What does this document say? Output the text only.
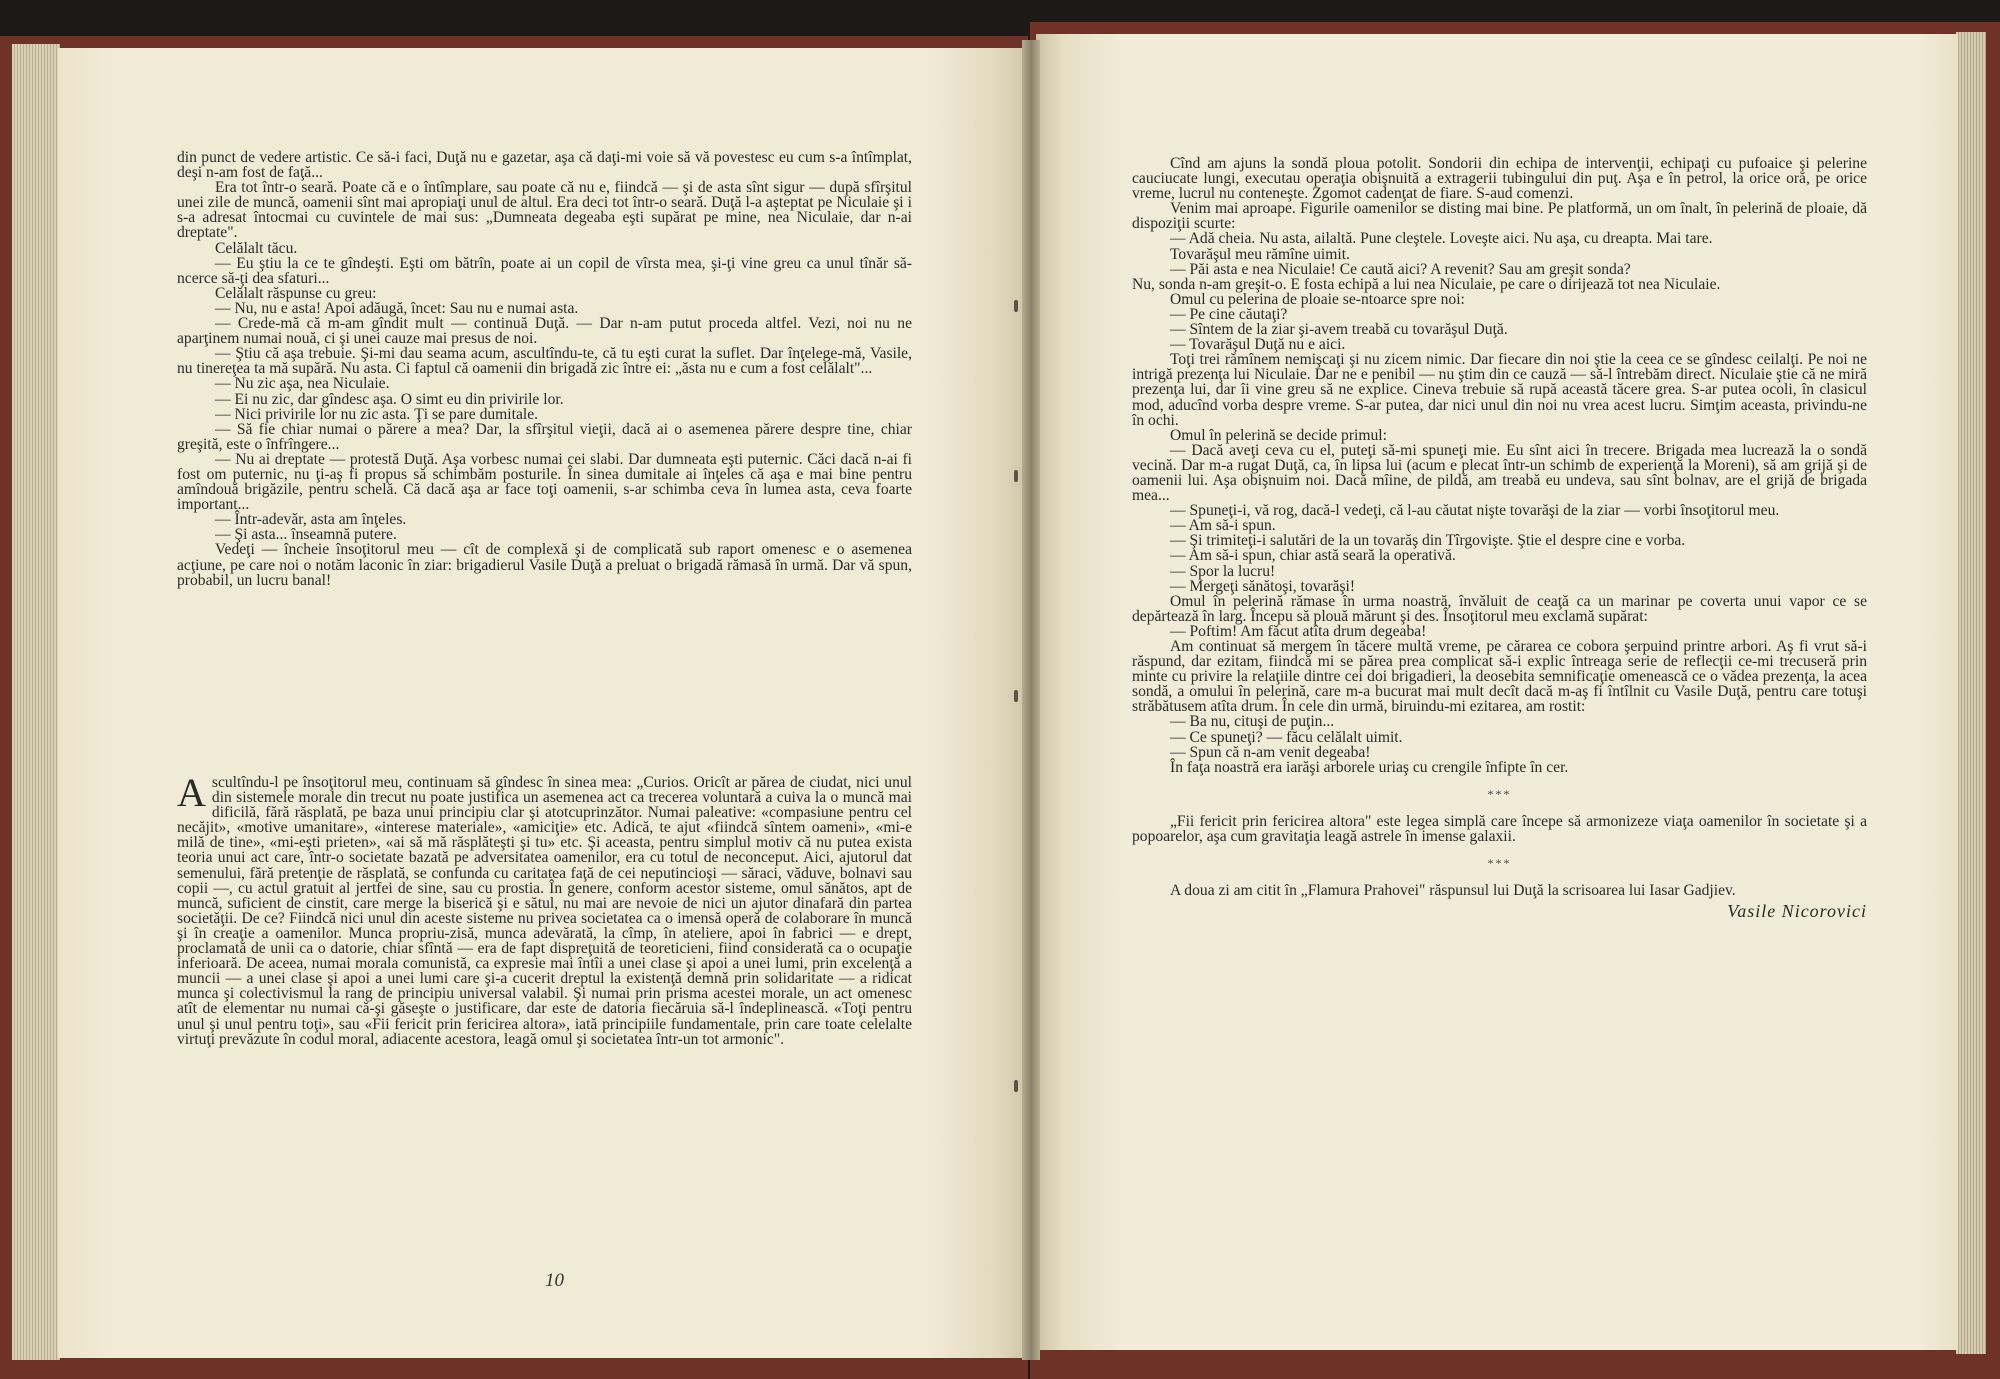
din punct de vedere artistic. Ce să-i faci, Duţă nu e gazetar, aşa că daţi-mi voie să vă povestesc eu cum s-a întîmplat, deşi n-am fost de faţă...

Era tot într-o seară. Poate că e o întîmplare, sau poate că nu e, fiindcă — şi de asta sînt sigur — după sfîrşitul unei zile de muncă, oamenii sînt mai apropiaţi unul de altul. Era deci tot într-o seară. Duţă l-a aşteptat pe Niculaie şi i s-a adresat întocmai cu cuvintele de mai sus: „Dumneata degeaba eşti supărat pe mine, nea Niculaie, dar n-ai dreptate".

Celălalt tăcu.

— Eu ştiu la ce te gîndeşti. Eşti om bătrîn, poate ai un copil de vîrsta mea, şi-ţi vine greu ca unul tînăr să-ncerce să-ţi dea sfaturi...

Celălalt răspunse cu greu:

— Nu, nu e asta! Apoi adăugă, încet: Sau nu e numai asta.

— Crede-mă că m-am gîndit mult — continuă Duţă. — Dar n-am putut proceda altfel. Vezi, noi nu ne aparţinem numai nouă, ci şi unei cauze mai presus de noi.

— Ştiu că aşa trebuie. Şi-mi dau seama acum, ascultîndu-te, că tu eşti curat la suflet. Dar înţelege-mă, Vasile, nu tinereţea ta mă supără. Nu asta. Ci faptul că oamenii din brigadă zic între ei: „ăsta nu e cum a fost celălalt"...

— Nu zic aşa, nea Niculaie.

— Ei nu zic, dar gîndesc aşa. O simt eu din privirile lor.

— Nici privirile lor nu zic asta. Ţi se pare dumitale.

— Să fie chiar numai o părere a mea? Dar, la sfîrşitul vieţii, dacă ai o asemenea părere despre tine, chiar greşită, este o înfrîngere...

— Nu ai dreptate — protestă Duţă. Aşa vorbesc numai cei slabi. Dar dumneata eşti puternic. Căci dacă n-ai fi fost om puternic, nu ţi-aş fi propus să schimbăm posturile. În sinea dumitale ai înţeles că aşa e mai bine pentru amîndouă brigăzile, pentru schelă. Că dacă aşa ar face toţi oamenii, s-ar schimba ceva în lumea asta, ceva foarte important...

— Într-adevăr, asta am înţeles.

— Şi asta... înseamnă putere.

Vedeţi — încheie însoţitorul meu — cît de complexă şi de complicată sub raport omenesc e o asemenea acţiune, pe care noi o notăm laconic în ziar: brigadierul Vasile Duţă a preluat o brigadă rămasă în urmă. Dar vă spun, probabil, un lucru banal!

Ascultîndu-l pe însoţitorul meu, continuam să gîndesc în sinea mea: „Curios. Oricît ar părea de ciudat, nici unul din sistemele morale din trecut nu poate justifica un asemenea act ca trecerea voluntară a cuiva la o muncă mai dificilă, fără răsplată, pe baza unui principiu clar şi atotcuprinzător. Numai paleative: «compasiune pentru cel necăjit», «motive umanitare», «interese materiale», «amiciţie» etc. Adică, te ajut «fiindcă sîntem oameni», «mi-e milă de tine», «mi-eşti prieten», «ai să mă răsplăteşti şi tu» etc. Şi aceasta, pentru simplul motiv că nu putea exista teoria unui act care, într-o societate bazată pe adversitatea oamenilor, era cu totul de neconceput. Aici, ajutorul dat semenului, fără pretenţie de răsplată, se confunda cu caritatea faţă de cei neputincioşi — săraci, văduve, bolnavi sau copii —, cu actul gratuit al jertfei de sine, sau cu prostia. În genere, conform acestor sisteme, omul sănătos, apt de muncă, suficient de cinstit, care merge la biserică şi e sătul, nu mai are nevoie de nici un ajutor dinafară din partea societăţii. De ce? Fiindcă nici unul din aceste sisteme nu privea societatea ca o imensă operă de colaborare în muncă şi în creaţie a oamenilor. Munca propriu-zisă, munca adevărată, la cîmp, în ateliere, apoi în fabrici — e drept, proclamată de unii ca o datorie, chiar sfîntă — era de fapt dispreţuită de teoreticieni, fiind considerată ca o ocupaţie inferioară. De aceea, numai morala comunistă, ca expresie mai întîi a unei clase şi apoi a unei lumi, prin excelenţă a muncii — a unei clase şi apoi a unei lumi care şi-a cucerit dreptul la existenţă demnă prin solidaritate — a ridicat munca şi colectivismul la rang de principiu universal valabil. Şi numai prin prisma acestei morale, un act omenesc atît de elementar nu numai că-şi găseşte o justificare, dar este de datoria fiecăruia să-l îndeplinească. «Toţi pentru unul şi unul pentru toţi», sau «Fii fericit prin fericirea altora», iată principiile fundamentale, prin care toate celelalte virtuţi prevăzute în codul moral, adiacente acestora, leagă omul şi societatea într-un tot armonic".
10

Cînd am ajuns la sondă ploua potolit. Sondorii din echipa de intervenţii, echipaţi cu pufoaice şi pelerine cauciucate lungi, executau operaţia obişnuită a extragerii tubingului din puţ. Aşa e în petrol, la orice oră, pe orice vreme, lucrul nu conteneşte. Zgomot cadenţat de fiare. S-aud comenzi.

Venim mai aproape. Figurile oamenilor se disting mai bine. Pe platformă, un om înalt, în pelerină de ploaie, dă dispoziţii scurte:

— Adă cheia. Nu asta, ailaltă. Pune cleştele. Loveşte aici. Nu aşa, cu dreapta. Mai tare.

Tovarăşul meu rămîne uimit.

— Păi asta e nea Niculaie! Ce caută aici? A revenit? Sau am greşit sonda?

Nu, sonda n-am greşit-o. E fosta echipă a lui nea Niculaie, pe care o dirijează tot nea Niculaie.

Omul cu pelerina de ploaie se-ntoarce spre noi:

— Pe cine căutaţi?

— Sîntem de la ziar şi-avem treabă cu tovarăşul Duţă.

— Tovarăşul Duţă nu e aici.

Toţi trei rămînem nemişcaţi şi nu zicem nimic. Dar fiecare din noi ştie la ceea ce se gîndesc ceilalţi. Pe noi ne intrigă prezenţa lui Niculaie. Dar ne e penibil — nu ştim din ce cauză — să-l întrebăm direct. Niculaie ştie că ne miră prezenţa lui, dar îi vine greu să ne explice. Cineva trebuie să rupă această tăcere grea. S-ar putea ocoli, în clasicul mod, aducînd vorba despre vreme. S-ar putea, dar nici unul din noi nu vrea acest lucru. Simţim aceasta, privindu-ne în ochi.

Omul în pelerină se decide primul:

— Dacă aveţi ceva cu el, puteţi să-mi spuneţi mie. Eu sînt aici în trecere. Brigada mea lucrează la o sondă vecină. Dar m-a rugat Duţă, ca, în lipsa lui (acum e plecat într-un schimb de experienţă la Moreni), să am grijă şi de oamenii lui. Aşa obişnuim noi. Dacă mîine, de pildă, am treabă eu undeva, sau sînt bolnav, are el grijă de brigada mea...

— Spuneţi-i, vă rog, dacă-l vedeţi, că l-au căutat nişte tovarăşi de la ziar — vorbi însoţitorul meu.

— Am să-i spun.

— Şi trimiteţi-i salutări de la un tovarăş din Tîrgovişte. Ştie el despre cine e vorba.

— Am să-i spun, chiar astă seară la operativă.

— Spor la lucru!

— Mergeţi sănătoşi, tovarăşi!

Omul în pelerină rămase în urma noastră, învăluit de ceaţă ca un marinar pe coverta unui vapor ce se depărtează în larg. Începu să plouă mărunt şi des. Însoţitorul meu exclamă supărat:

— Poftim! Am făcut atîta drum degeaba!

Am continuat să mergem în tăcere multă vreme, pe cărarea ce cobora şerpuind printre arbori. Aş fi vrut să-i răspund, dar ezitam, fiindcă mi se părea prea complicat să-i explic întreaga serie de reflecţii ce-mi trecuseră prin minte cu privire la relaţiile dintre cei doi brigadieri, la deosebita semnificaţie omenească ce o vădea prezenţa, la acea sondă, a omului în pelerină, care m-a bucurat mai mult decît dacă m-aş fi întîlnit cu Vasile Duţă, pentru care totuşi străbătusem atîta drum. În cele din urmă, biruindu-mi ezitarea, am rostit:

— Ba nu, cituşi de puţin...

— Ce spuneţi? — făcu celălalt uimit.

— Spun că n-am venit degeaba!

În faţa noastră era iarăşi arborele uriaş cu crengile înfipte în cer.

***

„Fii fericit prin fericirea altora" este legea simplă care începe să armonizeze viaţa oamenilor în societate şi a popoarelor, aşa cum gravitaţia leagă astrele în imense galaxii.

***

A doua zi am citit în „Flamura Prahovei" răspunsul lui Duţă la scrisoarea lui Iasar Gadjiev.

Vasile Nicorovici
